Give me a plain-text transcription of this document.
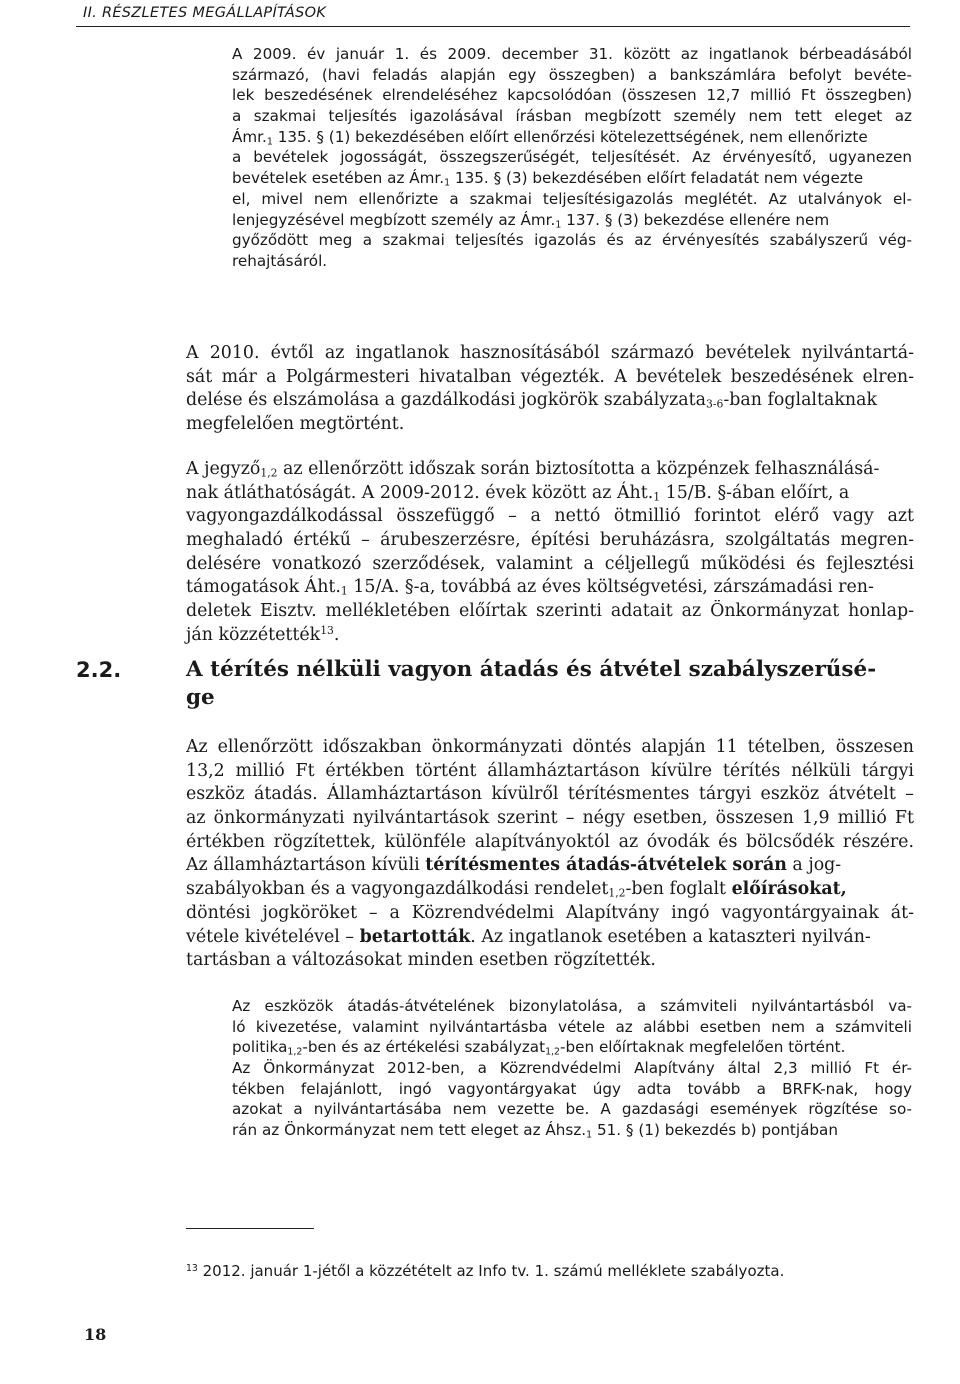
II. RÉSZLETES MEGÁLLAPÍTÁSOK
A 2009. év január 1. és 2009. december 31. között az ingatlanok bérbeadásából
származó, (havi feladás alapján egy összegben) a bankszámlára befolyt bevéte-
lek beszedésének elrendeléséhez kapcsolódóan (összesen 12,7 millió Ft összegben)
a szakmai teljesítés igazolásával írásban megbízott személy nem tett eleget az
$Ámr._1$ 135. § (1) bekezdésében előírt ellenőrzési kötelezettségének, nem ellenőrizte
a bevételek jogosságát, összegszerűségét, teljesítését. Az érvényesítő, ugyanezen
bevételek esetében az $Ámr._1$ 135. § (3) bekezdésében előírt feladatát nem végezte
el, mivel nem ellenőrizte a szakmai teljesítésigazolás meglétét. Az utalványok el-
lenjegyzésével megbízott személy az $Ámr._1$ 137. § (3) bekezdése ellenére nem
győződött meg a szakmai teljesítés igazolás és az érvényesítés szabályszerű vég-
rehajtásáról.
A 2010. évtől az ingatlanok hasznosításából származó bevételek nyilvántartá-
sát már a Polgármesteri hivatalban végezték. A bevételek beszedésének elren-
delése és elszámolása a gazdálkodási jogkörök szabályzata$_{3-6}$-ban foglaltaknak
megfelelően megtörtént.
A jegyző$_{1,2}$ az ellenőrzött időszak során biztosította a közpénzek felhasználásá-
nak átláthatóságát. A 2009-2012. évek között az $Áht._1$ 15/B. §-ában előírt, a
vagyongazdálkodással összefüggő – a nettó ötmillió forintot elérő vagy azt
meghaladó értékű – árubeszerzésre, építési beruházásra, szolgáltatás megren-
delésére vonatkozó szerződések, valamint a céljellegű működési és fejlesztési
támogatások $Áht._1$ 15/A. §-a, továbbá az éves költségvetési, zárszámadási ren-
deletek Eisztv. mellékletében előírtak szerinti adatait az Önkormányzat honlap-
ján közzétették$^{13}$.
2.2.	A térítés nélküli vagyon átadás és átvétel szabályszerűsé-
ge
Az ellenőrzött időszakban önkormányzati döntés alapján 11 tételben, összesen
13,2 millió Ft értékben történt államháztartáson kívülre térítés nélküli tárgyi
eszköz átadás. Államháztartáson kívülről térítésmentes tárgyi eszköz átvételt –
az önkormányzati nyilvántartások szerint – négy esetben, összesen 1,9 millió Ft
értékben rögzítettek, különféle alapítványoktól az óvodák és bölcsődék részére.
Az államháztartáson kívüli térítésmentes átadás-átvételek során a jog-
szabályokban és a vagyongazdálkodási rendelet$_{1,2}$-ben foglalt előírásokat,
döntési jogköröket – a Közrendvédelmi Alapítvány ingó vagyontárgyainak át-
vétele kivételével – betartották. Az ingatlanok esetében a kataszteri nyilván-
tartásban a változásokat minden esetben rögzítették.
Az eszközök átadás-átvételének bizonylatolása, a számviteli nyilvántartásból va-
ló kivezetése, valamint nyilvántartásba vétele az alábbi esetben nem a számviteli
politika$_{1,2}$-ben és az értékelési szabályzat$_{1,2}$-ben előírtaknak megfelelően történt.
Az Önkormányzat 2012-ben, a Közrendvédelmi Alapítvány által 2,3 millió Ft ér-
tékben felajánlott, ingó vagyontárgyakat úgy adta tovább a BRFK-nak, hogy
azokat a nyilvántartásába nem vezette be. A gazdasági események rögzítése so-
rán az Önkormányzat nem tett eleget az $Áhsz._1$ 51. § (1) bekezdés b) pontjában
$^{13}$ 2012. január 1-jétől a közzétételt az Info tv. 1. számú melléklete szabályozta.
18
